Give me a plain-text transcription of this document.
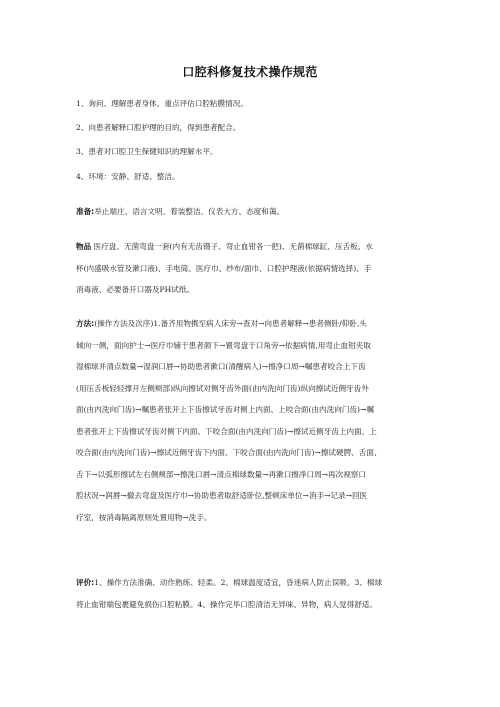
口腔科修复技术操作规范
1、询问、理解患者身体。重点评估口腔粘膜情况。
2、向患者解释口腔护理的目的，得到患者配合。
3、患者对口腔卫生保健知识的理解水平。
4、环境：安静、舒适、整洁。
准备:举止端庄、语言文明、着装整洁、仪表大方、态度和蔼。
物品 医疗盘、无菌弯盘一套(内有无齿镊子、弯止血钳各一把)、无菌棉球缸、压舌板、水
杯(内盛吸水管及漱口液)、手电筒、医疗巾、纱布/面巾、口腔护理液(依据病情选择)、手
消毒液、必要备开口器及PH试纸。
方法:(操作方法及次序)1.备齐用物携至病人床旁→查对→向患者解释→患者侧卧/仰卧,头
倾向一侧，面向护士→医疗巾铺于患者颌下→置弯盘于口角旁→依据病情,用弯止血钳夹取
湿棉球并清点数量→湿润口唇→协助患者漱口(清醒病人)→擦净口周→嘱患者咬合上下齿
(用压舌板轻轻撑开左侧颊部)纵向擦试对侧牙齿外面(由内洗向门齿)纵向擦试近侧牙齿外
面(由内洗向门齿)→嘱患者张开上下齿擦试牙齿对侧上内面、上咬合面(由内洗向门齿)→嘱
患者张开上下齿擦试牙齿对侧下内面、下咬合面(由内洗向门齿)→擦试近侧牙齿上内面、上
咬合面(由内洗向门齿)→擦试近侧牙齿下内面、下咬合面(由内洗向门齿)→擦试硬腭、舌面、
舌下→以弧形擦试左右侧颊部→擦洗口唇→清点棉球数量→再漱口擦净口周→再次视察口
腔状况→润唇→撤去弯盘及医疗巾→协助患者取舒适卧位,整顿床单位→消手→记录→回医
疗室，按消毒隔离原则处置用物→洗手。
评价:1、操作方法准确、动作熟练、轻柔。2、棉球温度适宜，昏迷病人防止误吸。3、棉球
将止血钳端包裹避免损伤口腔粘膜。4、操作完毕口腔清洁无异味、异物，病人觉得舒适。
